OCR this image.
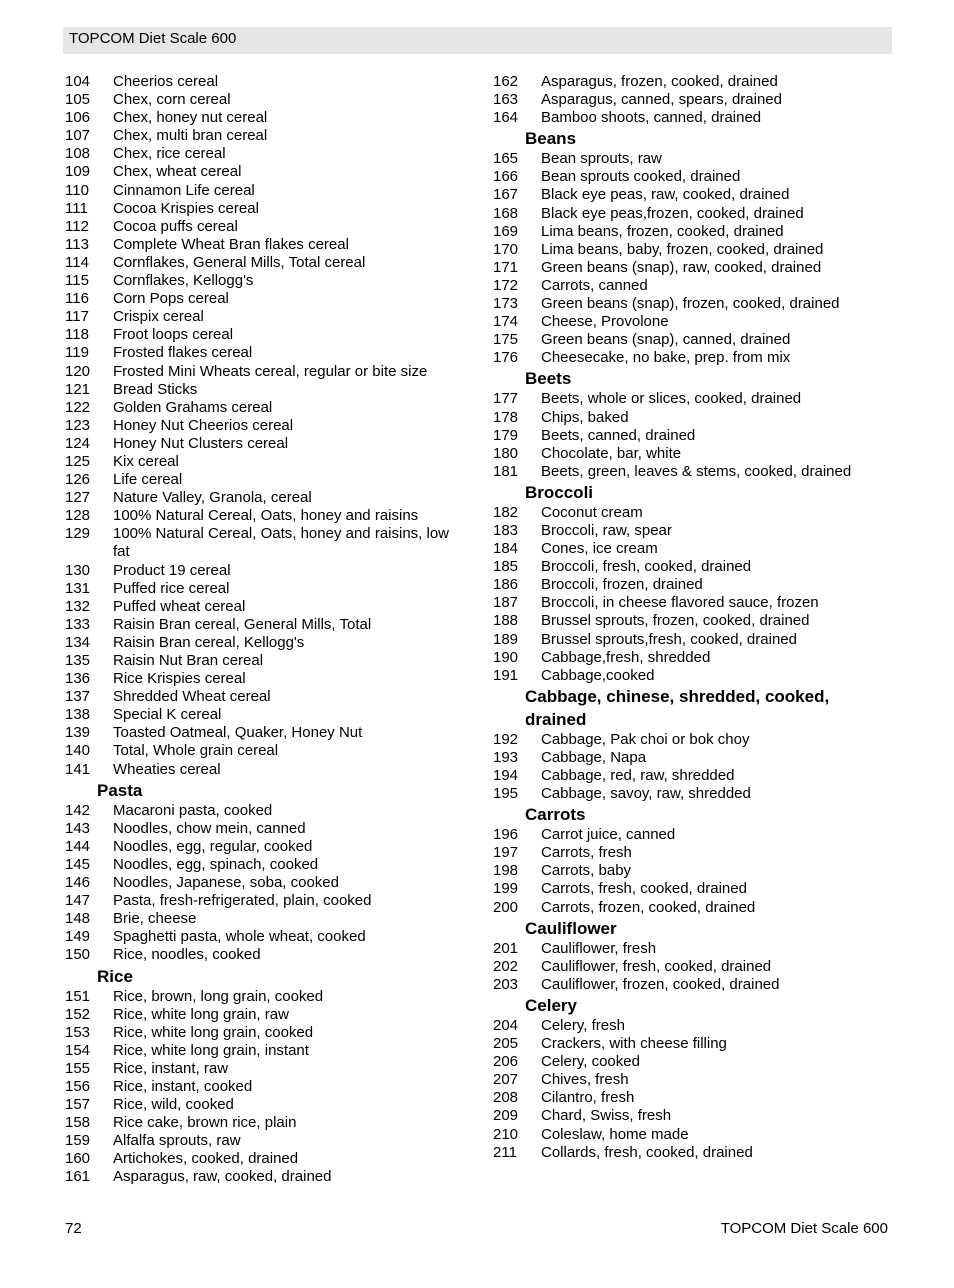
TOPCOM Diet Scale 600
104	Cheerios cereal
105	Chex, corn cereal
106	Chex, honey nut cereal
107	Chex, multi bran cereal
108	Chex, rice cereal
109	Chex, wheat cereal
110	Cinnamon Life cereal
111	Cocoa Krispies cereal
112	Cocoa puffs cereal
113	Complete Wheat Bran flakes cereal
114	Cornflakes, General Mills, Total cereal
115	Cornflakes, Kellogg's
116	Corn Pops cereal
117	Crispix cereal
118	Froot loops cereal
119	Frosted flakes cereal
120	Frosted Mini Wheats cereal, regular or bite size
121	Bread Sticks
122	Golden Grahams cereal
123	Honey Nut Cheerios cereal
124	Honey Nut Clusters cereal
125	Kix cereal
126	Life cereal
127	Nature Valley, Granola, cereal
128	100% Natural Cereal, Oats, honey and raisins
129	100% Natural Cereal, Oats, honey and raisins, low fat
130	Product 19 cereal
131	Puffed rice cereal
132	Puffed wheat cereal
133	Raisin Bran cereal, General Mills, Total
134	Raisin Bran cereal, Kellogg's
135	Raisin Nut Bran cereal
136	Rice Krispies cereal
137	Shredded Wheat cereal
138	Special K cereal
139	Toasted Oatmeal, Quaker, Honey Nut
140	Total, Whole grain cereal
141	Wheaties cereal
Pasta
142	Macaroni pasta, cooked
143	Noodles, chow mein, canned
144	Noodles, egg, regular, cooked
145	Noodles, egg, spinach, cooked
146	Noodles, Japanese, soba, cooked
147	Pasta, fresh-refrigerated, plain, cooked
148	Brie, cheese
149	Spaghetti pasta, whole wheat, cooked
150	Rice, noodles, cooked
Rice
151	Rice, brown, long grain, cooked
152	Rice, white long grain, raw
153	Rice, white long grain, cooked
154	Rice, white long grain, instant
155	Rice, instant, raw
156	Rice, instant, cooked
157	Rice, wild, cooked
158	Rice cake, brown rice, plain
159	Alfalfa sprouts, raw
160	Artichokes, cooked, drained
161	Asparagus, raw, cooked, drained
162	Asparagus, frozen, cooked, drained
163	Asparagus, canned, spears, drained
164	Bamboo shoots, canned, drained
Beans
165	Bean sprouts, raw
166	Bean sprouts cooked, drained
167	Black eye peas, raw, cooked, drained
168	Black eye peas,frozen, cooked, drained
169	Lima beans, frozen, cooked, drained
170	Lima beans, baby, frozen, cooked, drained
171	Green beans (snap), raw, cooked, drained
172	Carrots, canned
173	Green beans (snap), frozen, cooked, drained
174	Cheese, Provolone
175	Green beans (snap), canned, drained
176	Cheesecake, no bake, prep. from mix
Beets
177	Beets, whole or slices, cooked, drained
178	Chips, baked
179	Beets, canned, drained
180	Chocolate, bar, white
181	Beets, green, leaves & stems, cooked, drained
Broccoli
182	Coconut cream
183	Broccoli, raw, spear
184	Cones, ice cream
185	Broccoli, fresh, cooked, drained
186	Broccoli, frozen, drained
187	Broccoli, in cheese flavored sauce, frozen
188	Brussel sprouts, frozen, cooked, drained
189	Brussel sprouts,fresh, cooked, drained
190	Cabbage,fresh, shredded
191	Cabbage,cooked
Cabbage, chinese, shredded, cooked, drained
192	Cabbage, Pak choi or bok choy
193	Cabbage, Napa
194	Cabbage, red, raw, shredded
195	Cabbage, savoy, raw, shredded
Carrots
196	Carrot juice, canned
197	Carrots, fresh
198	Carrots, baby
199	Carrots, fresh, cooked, drained
200	Carrots, frozen, cooked, drained
Cauliflower
201	Cauliflower, fresh
202	Cauliflower, fresh, cooked, drained
203	Cauliflower, frozen, cooked, drained
Celery
204	Celery, fresh
205	Crackers, with cheese filling
206	Celery, cooked
207	Chives, fresh
208	Cilantro, fresh
209	Chard, Swiss, fresh
210	Coleslaw, home made
211	Collards, fresh, cooked, drained
72	TOPCOM Diet Scale 600
